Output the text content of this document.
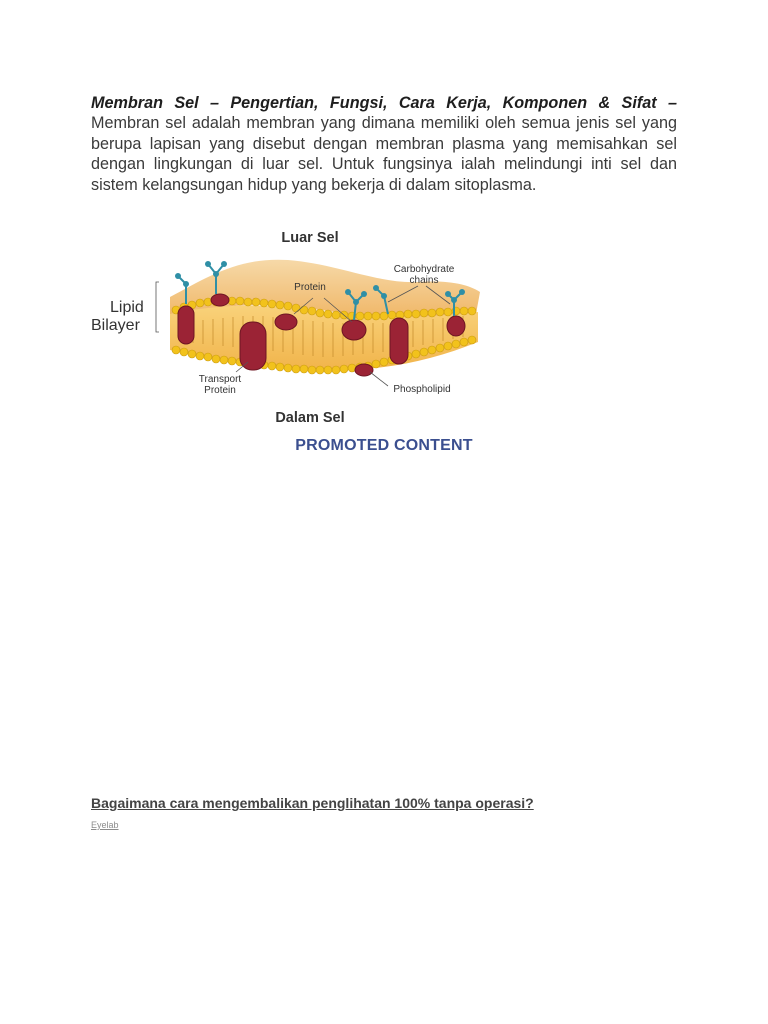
Membran Sel – Pengertian, Fungsi, Cara Kerja, Komponen & Sifat – Membran sel adalah membran yang dimana memiliki oleh semua jenis sel yang berupa lapisan yang disebut dengan membran plasma yang memisahkan sel dengan lingkungan di luar sel. Untuk fungsinya ialah melindungi inti sel dan sistem kelangsungan hidup yang bekerja di dalam sitoplasma.
Luar Sel
Dalam Sel
Lipid
Bilayer
Protein
Carbohydrate
chains
Transport
Protein	Phospholipid
PROMOTED CONTENT
Bagaimana cara mengembalikan penglihatan 100% tanpa operasi?
Eyelab
